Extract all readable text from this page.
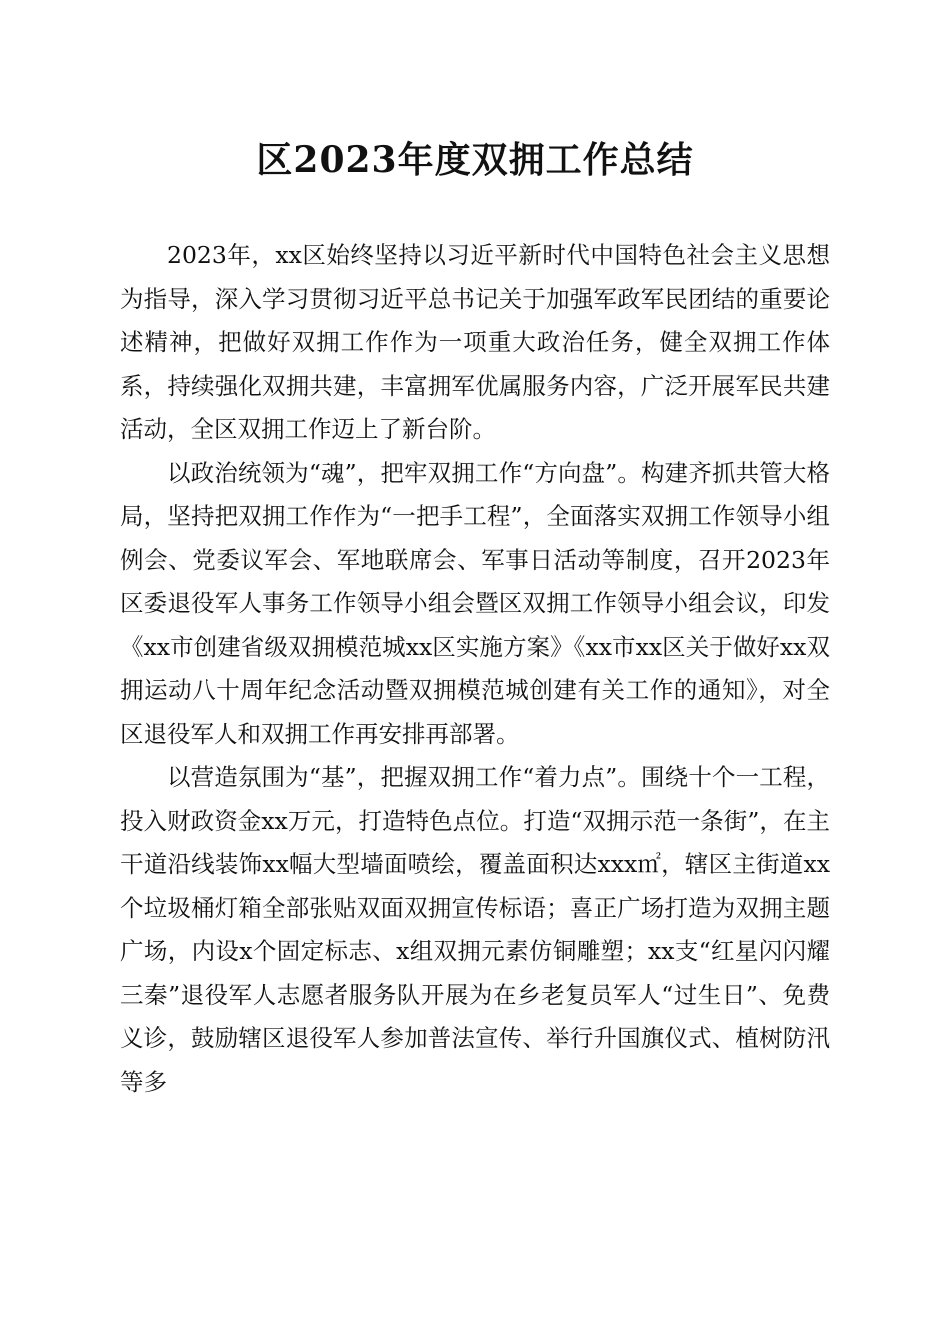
区2023年度双拥工作总结

2023年，xx区始终坚持以习近平新时代中国特色社会主义思想为指导，深入学习贯彻习近平总书记关于加强军政军民团结的重要论述精神，把做好双拥工作作为一项重大政治任务，健全双拥工作体系，持续强化双拥共建，丰富拥军优属服务内容，广泛开展军民共建活动，全区双拥工作迈上了新台阶。

以政治统领为“魂”，把牢双拥工作“方向盘”。构建齐抓共管大格局，坚持把双拥工作作为“一把手工程”，全面落实双拥工作领导小组例会、党委议军会、军地联席会、军事日活动等制度，召开2023年区委退役军人事务工作领导小组会暨区双拥工作领导小组会议，印发《xx市创建省级双拥模范城xx区实施方案》《xx市xx区关于做好xx双拥运动八十周年纪念活动暨双拥模范城创建有关工作的通知》，对全区退役军人和双拥工作再安排再部署。

以营造氛围为“基”，把握双拥工作“着力点”。围绕十个一工程，投入财政资金xx万元，打造特色点位。打造“双拥示范一条街”，在主干道沿线装饰xx幅大型墙面喷绘，覆盖面积达xxx㎡，辖区主街道xx个垃圾桶灯箱全部张贴双面双拥宣传标语；喜正广场打造为双拥主题广场，内设x个固定标志、x组双拥元素仿铜雕塑；xx支“红星闪闪耀三秦”退役军人志愿者服务队开展为在乡老复员军人“过生日”、免费义诊，鼓励辖区退役军人参加普法宣传、举行升国旗仪式、植树防汛等多
